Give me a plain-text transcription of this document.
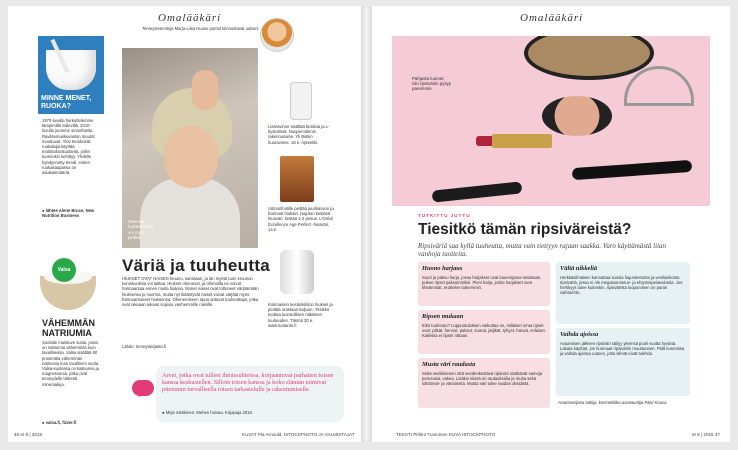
Omalääkäri
Terveysteemitoja Marja-Liisa Huuso pormit kiinnostavat uutiset.
MINNE MENET, RUOKA?
1970-luvulla herkuttelemme tämpimillä voilevillä, 2010-luvulla juomme smoothieita. Ravitsemuskuvaston muutot muuttuvat. Yksi trendeistä: ruokalajia käyttää maitotaloustuotteita, joihin tuomiokin kehittyy. Yhdelle hyödynnetty trendi, eniten ruokakaupassa on asiakasmääriä.
● lähtee Alene Bruce, New Nutrition Business
Valsa
VÄHEMMÄN NATRIUMIA
Suolatie maistuve suola, josso on natriumia vähemmän kuin tavallisessa. Valsa sisältää 80 prosenttia vähemmän natriumia kuin tavallinen suola. Valsa-suolassa on kalsiumia ja magnesiumia, jotka ovat terveydelle tärkeitä mineraaleja.
● valsa.fi, fizzer.fi
Ohenevi tuuhemmista voi myös peittää.
Lisäravinne sisältää biotiinia ja L-kystetiiniä. Nuoperoidenin rakennusaine. Yli Biotiin huuravinne, 18 e, Apteekki.
Ustoonfoolille peittää juurikasvon ja harmaat hiukset. Hajuton kestävä hiusväri; kestää 1-2 pesua. L'Oréal Excellence Age Perfect -hiusväri, 14 e.
Kotimainen kesäinkiliiton hiukset ja peittää orastaan kaljuun. Yksikkö tuottaa luonnollisen näköisen tuuheuden. Täsmä 30 e. www.tuotanto.fi
Väriä ja tuuheutta
HIUKSET OVAT NAISEN kruunu, sanotaan, ja iän myötä tuon kruunun kuninkuuksia voi laittaa. Hiukset ohenevat, ja ohimoilla ne voivat harmaantua ennen muita hiuksia. Monet naiset ovat tottuneet värjäämään hiuksensa jo nuorina, mutta nyt ikääntyvät naiset voivat värjätä myös harmaantuneet hiuksensa. Ohenemiseen apua antavat tuuheuttajat, jotka ovat oikeaan aikaan sopivia vanhemmille naisille.
Lähde: terveyskirjasto.fi
Arvet, jotka ovat tulleet ihmissuhteissa, korjaantuvat parhaiten toisen kanssa keskustellen. Silloin toisen kanssa ja koko elämän toimivat pitemmin turvallisella toisen tarkastelulle ja rakentumiselle.
● Mirja Siekkinen: Mehen hoivaa. Kirjapaja 2016.
46 et 8 | 2016	KUVAT Pia Arnould, ISTOCKPHOTO JA VALMISTAJAT
Omalääkäri
Pahjasta luomet, niin ripsiväriin pysyy paremmin.
TUTKITTU JUTTU
Tiesitkö tämän ripsiväreistä?
Ripsiväriä saa kyllä tuuheutta, mutta vain tiettyyn rajaan saakka. Varo käyttämästä liian vanhoja tuotteita.
Huono harjaus
Suuri ja paksu harja, jossa harjakset ovat kauempana toisistaan, pukee ripset paksummiksi. Pieni harja, jonka harjakset ovat tiheämmät, erottelee tarkemmin.
Ripsen mukaan
Eikö tuuheutu? Loppuotuloksen vaikuttaa se, millaiset omat ripset ovat: pitkät, hennot, paksut, suorat, järjikät, tyhyet, harvat, enlaiset. Kaikissa ei ripset nätaan.
Musta väri raudasta
Sekä veekilvienen että veedenkestävä ripsiväri sisältävät samoja perusosia, vakea. Lisäksi niissä on rautaoksidia ja muita sekä sälöönvä- ja väriaineita. Musta väri tulee raudan oksidista.
Vältä nikkeliä
Herkkäsilmäisen kannattaa suosia hajusteetonta ja vesiluiekosta ripsiväriä, jossa ei ole megaluonnetus- ja ehtymispeiseaineita. Jos herkkyys tulee kuitenkin, ripsiväristä luopuminen on paras vaihtoehto.
Vaihda ajoissa
Avaamisen jälkeen ripsiväri säilyy yleensä puoli vuotta hyvänä. Lakata käyttää, jos huomaat ripsiväriin muuttuneen. Pidä kunnossa ja vaihda ajoissa uuteen, jotta silmät eivät tulehdu.
Asiantuntijana tutkija, kosmetiikka-asiantuntija Päivi Kousa
TEKSTI Pirkko Tuominen KUVA ISTOCKPHOTO	et 8 | 2016 47
